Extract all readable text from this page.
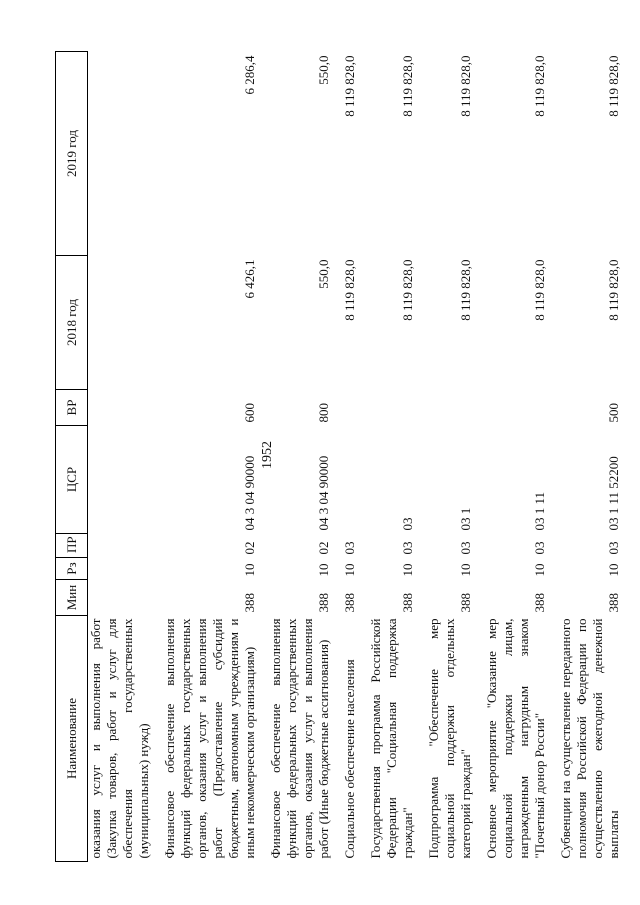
1952
Наименование	Мин	Рз	ПР	ЦСР	ВР	2018 год	2019 год
оказания услуг и выполнения работ (Закупка товаров, работ и услуг для обеспечения государственных (муниципальных) нужд)							
Финансовое обеспечение выполнения функций федеральных государственных органов, оказания услуг и выполнения работ (Предоставление субсидий бюджетным, автономным учреждениям и иным некоммерческим организациям)	388	10	02	04 3 04 90000	600	6 426,1	6 286,4
Финансовое обеспечение выполнения функций федеральных государственных органов, оказания услуг и выполнения работ (Иные бюджетные ассигнования)	388	10	02	04 3 04 90000	800	550,0	550,0
Социальное обеспечение населения	388	10	03			8 119 828,0	8 119 828,0
Государственная программа Российской Федерации "Социальная поддержка граждан"	388	10	03	03		8 119 828,0	8 119 828,0
Подпрограмма "Обеспечение мер социальной поддержки отдельных категорий граждан"	388	10	03	03 1		8 119 828,0	8 119 828,0
Основное мероприятие "Оказание мер социальной поддержки лицам, награжденным нагрудным знаком "Почетный донор России"	388	10	03	03 1 11		8 119 828,0	8 119 828,0
Субвенции на осуществление переданного полномочия Российской Федерации по осуществлению ежегодной денежной выплаты	388	10	03	03 1 11 52200	500	8 119 828,0	8 119 828,0
